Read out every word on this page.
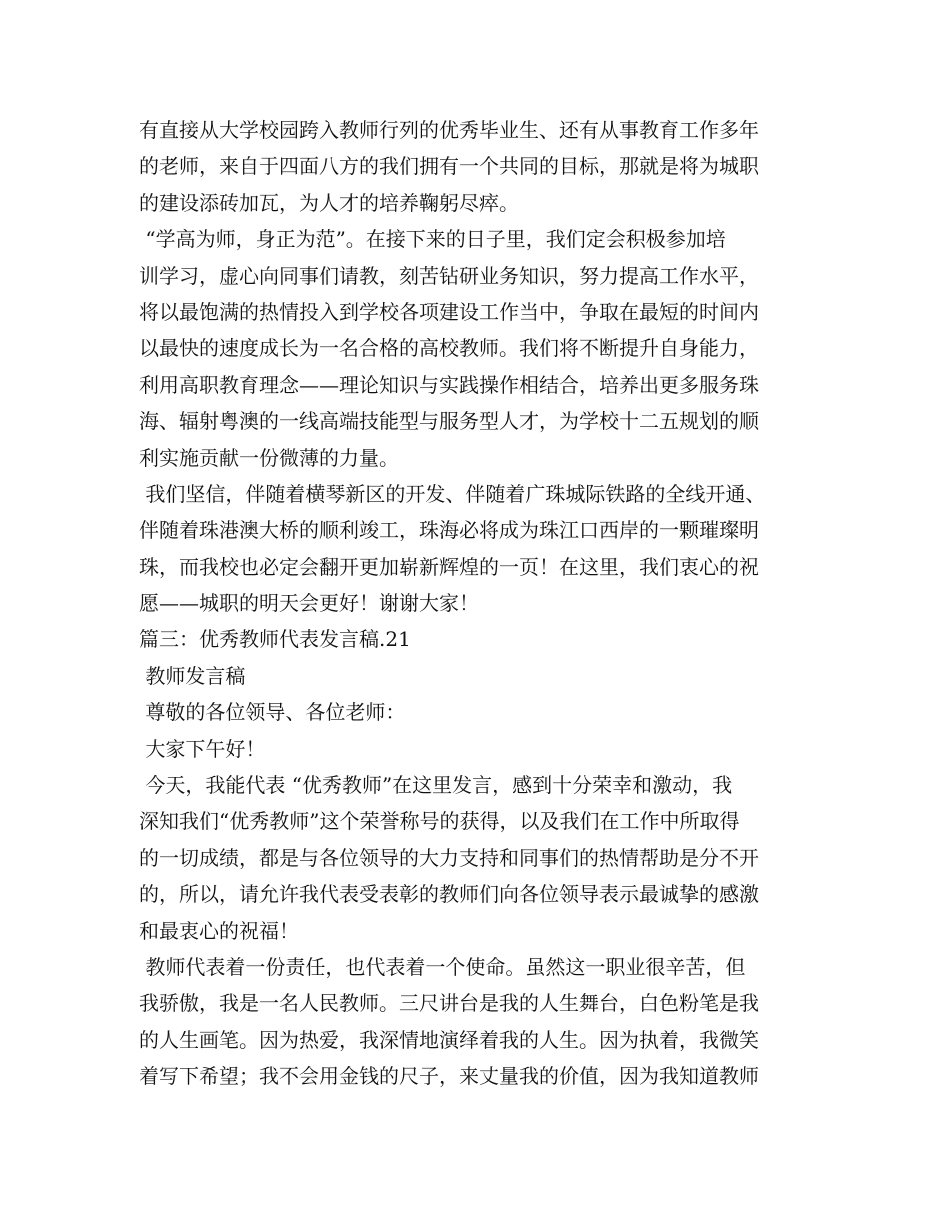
有直接从大学校园跨入教师行列的优秀毕业生、还有从事教育工作多年
的老师，来自于四面八方的我们拥有一个共同的目标，那就是将为城职
的建设添砖加瓦，为人才的培养鞠躬尽瘁。
“学高为师，身正为范”。在接下来的日子里，我们定会积极参加培
训学习，虚心向同事们请教，刻苦钻研业务知识，努力提高工作水平，
将以最饱满的热情投入到学校各项建设工作当中，争取在最短的时间内
以最快的速度成长为一名合格的高校教师。我们将不断提升自身能力，
利用高职教育理念——理论知识与实践操作相结合，培养出更多服务珠
海、辐射粤澳的一线高端技能型与服务型人才，为学校十二五规划的顺
利实施贡献一份微薄的力量。
我们坚信，伴随着横琴新区的开发、伴随着广珠城际铁路的全线开通、
伴随着珠港澳大桥的顺利竣工，珠海必将成为珠江口西岸的一颗璀璨明
珠，而我校也必定会翻开更加崭新辉煌的一页！在这里，我们衷心的祝
愿——城职的明天会更好！谢谢大家！
篇三：优秀教师代表发言稿.21
教师发言稿
尊敬的各位领导、各位老师：
大家下午好！
今天，我能代表 “优秀教师”在这里发言，感到十分荣幸和激动，我
深知我们“优秀教师”这个荣誉称号的获得，以及我们在工作中所取得
的一切成绩，都是与各位领导的大力支持和同事们的热情帮助是分不开
的，所以，请允许我代表受表彰的教师们向各位领导表示最诚挚的感激
和最衷心的祝福！
教师代表着一份责任，也代表着一个使命。虽然这一职业很辛苦，但
我骄傲，我是一名人民教师。三尺讲台是我的人生舞台，白色粉笔是我
的人生画笔。因为热爱，我深情地演绎着我的人生。因为执着，我微笑
着写下希望；我不会用金钱的尺子，来丈量我的价值，因为我知道教师
